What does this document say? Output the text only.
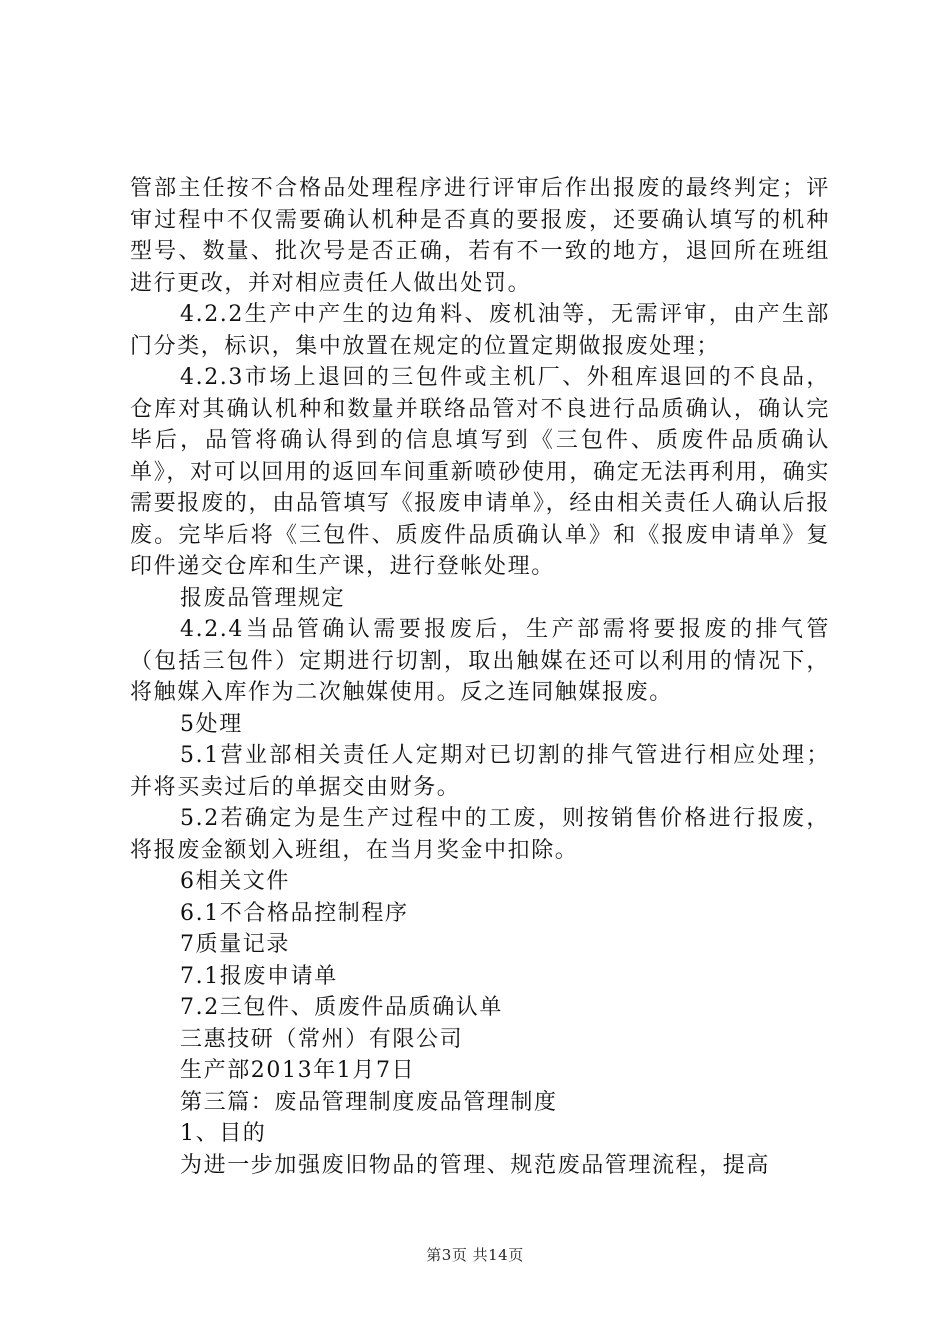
管部主任按不合格品处理程序进行评审后作出报废的最终判定；评审过程中不仅需要确认机种是否真的要报废，还要确认填写的机种型号、数量、批次号是否正确，若有不一致的地方，退回所在班组进行更改，并对相应责任人做出处罚。

4.2.2生产中产生的边角料、废机油等，无需评审，由产生部门分类，标识，集中放置在规定的位置定期做报废处理；

4.2.3市场上退回的三包件或主机厂、外租库退回的不良品，仓库对其确认机种和数量并联络品管对不良进行品质确认，确认完毕后，品管将确认得到的信息填写到《三包件、质废件品质确认单》，对可以回用的返回车间重新喷砂使用，确定无法再利用，确实需要报废的，由品管填写《报废申请单》，经由相关责任人确认后报废。完毕后将《三包件、质废件品质确认单》和《报废申请单》复印件递交仓库和生产课，进行登帐处理。

报废品管理规定

4.2.4当品管确认需要报废后，生产部需将要报废的排气管（包括三包件）定期进行切割，取出触媒在还可以利用的情况下，将触媒入库作为二次触媒使用。反之连同触媒报废。

5处理

5.1营业部相关责任人定期对已切割的排气管进行相应处理；并将买卖过后的单据交由财务。

5.2若确定为是生产过程中的工废，则按销售价格进行报废，将报废金额划入班组，在当月奖金中扣除。

6相关文件

6.1不合格品控制程序

7质量记录

7.1报废申请单

7.2三包件、质废件品质确认单

三惠技研（常州）有限公司

生产部2013年1月7日

第三篇：废品管理制度废品管理制度

1、目的

为进一步加强废旧物品的管理、规范废品管理流程，提高

第3页 共14页
